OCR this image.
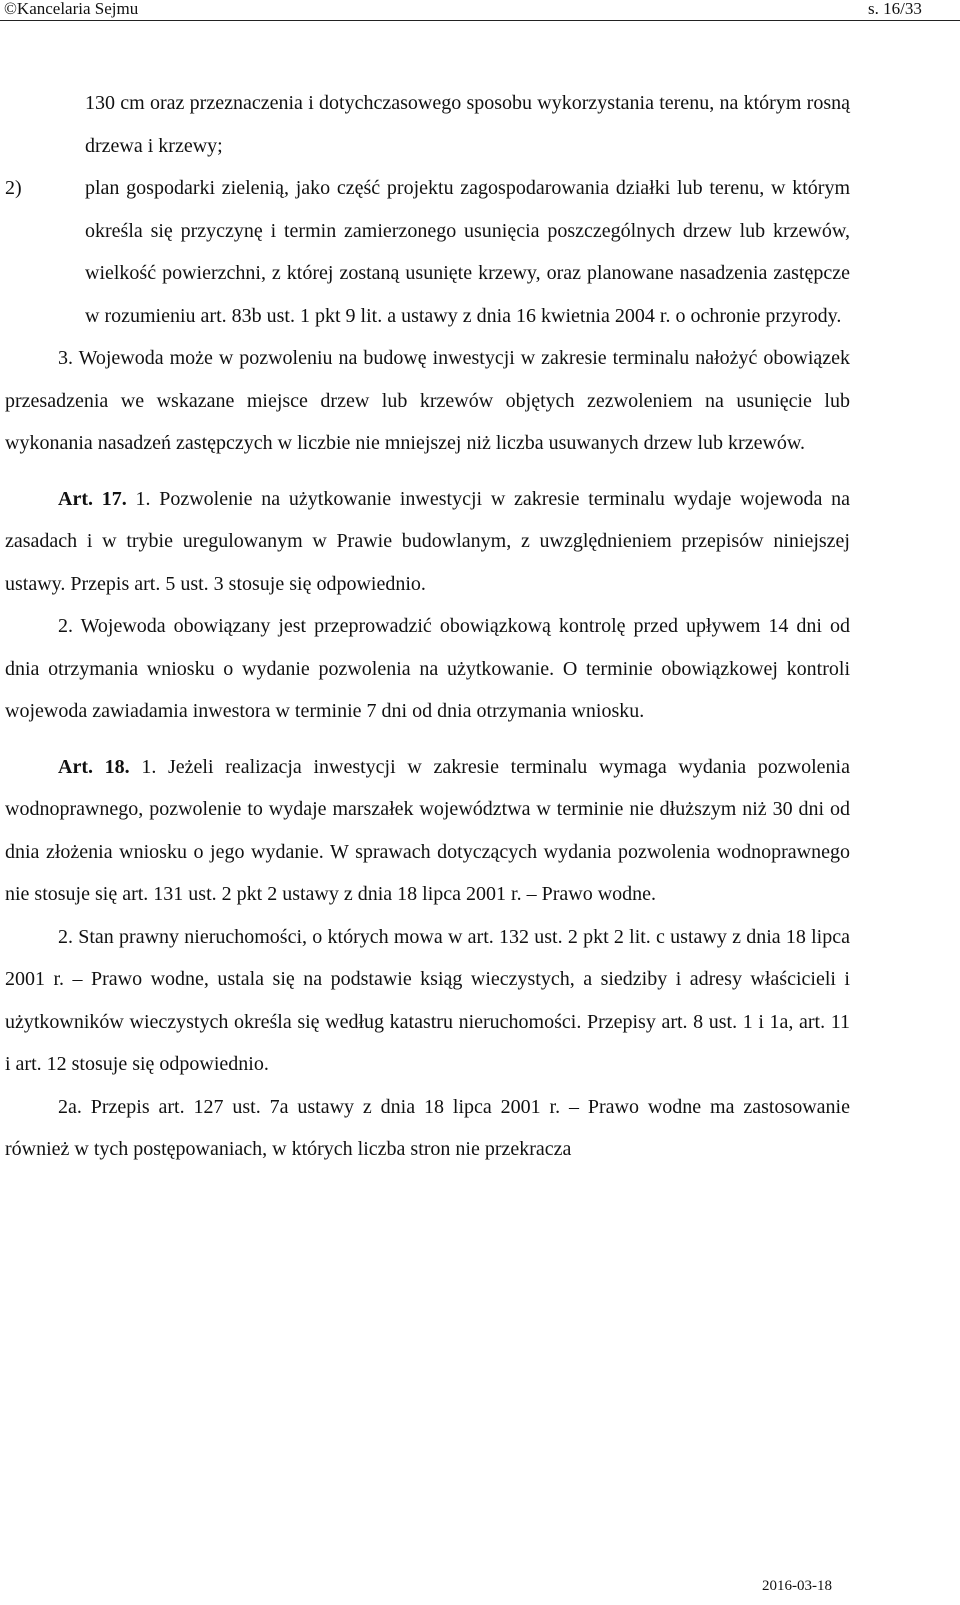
©Kancelaria Sejmu	s. 16/33

130 cm oraz przeznaczenia i dotychczasowego sposobu wykorzystania terenu, na którym rosną drzewa i krzewy;

2)	plan gospodarki zielenią, jako część projektu zagospodarowania działki lub terenu, w którym określa się przyczynę i termin zamierzonego usunięcia poszczególnych drzew lub krzewów, wielkość powierzchni, z której zostaną usunięte krzewy, oraz planowane nasadzenia zastępcze w rozumieniu art. 83b ust. 1 pkt 9 lit. a ustawy z dnia 16 kwietnia 2004 r. o ochronie przyrody.

3. Wojewoda może w pozwoleniu na budowę inwestycji w zakresie terminalu nałożyć obowiązek przesadzenia we wskazane miejsce drzew lub krzewów objętych zezwoleniem na usunięcie lub wykonania nasadzeń zastępczych w liczbie nie mniejszej niż liczba usuwanych drzew lub krzewów.

Art. 17. 1. Pozwolenie na użytkowanie inwestycji w zakresie terminalu wydaje wojewoda na zasadach i w trybie uregulowanym w Prawie budowlanym, z uwzględnieniem przepisów niniejszej ustawy. Przepis art. 5 ust. 3 stosuje się odpowiednio.

2. Wojewoda obowiązany jest przeprowadzić obowiązkową kontrolę przed upływem 14 dni od dnia otrzymania wniosku o wydanie pozwolenia na użytkowanie. O terminie obowiązkowej kontroli wojewoda zawiadamia inwestora w terminie 7 dni od dnia otrzymania wniosku.

Art. 18. 1. Jeżeli realizacja inwestycji w zakresie terminalu wymaga wydania pozwolenia wodnoprawnego, pozwolenie to wydaje marszałek województwa w terminie nie dłuższym niż 30 dni od dnia złożenia wniosku o jego wydanie. W sprawach dotyczących wydania pozwolenia wodnoprawnego nie stosuje się art. 131 ust. 2 pkt 2 ustawy z dnia 18 lipca 2001 r. – Prawo wodne.

2. Stan prawny nieruchomości, o których mowa w art. 132 ust. 2 pkt 2 lit. c ustawy z dnia 18 lipca 2001 r. – Prawo wodne, ustala się na podstawie ksiąg wieczystych, a siedziby i adresy właścicieli i użytkowników wieczystych określa się według katastru nieruchomości. Przepisy art. 8 ust. 1 i 1a, art. 11 i art. 12 stosuje się odpowiednio.

2a. Przepis art. 127 ust. 7a ustawy z dnia 18 lipca 2001 r. – Prawo wodne ma zastosowanie również w tych postępowaniach, w których liczba stron nie przekracza

2016-03-18
